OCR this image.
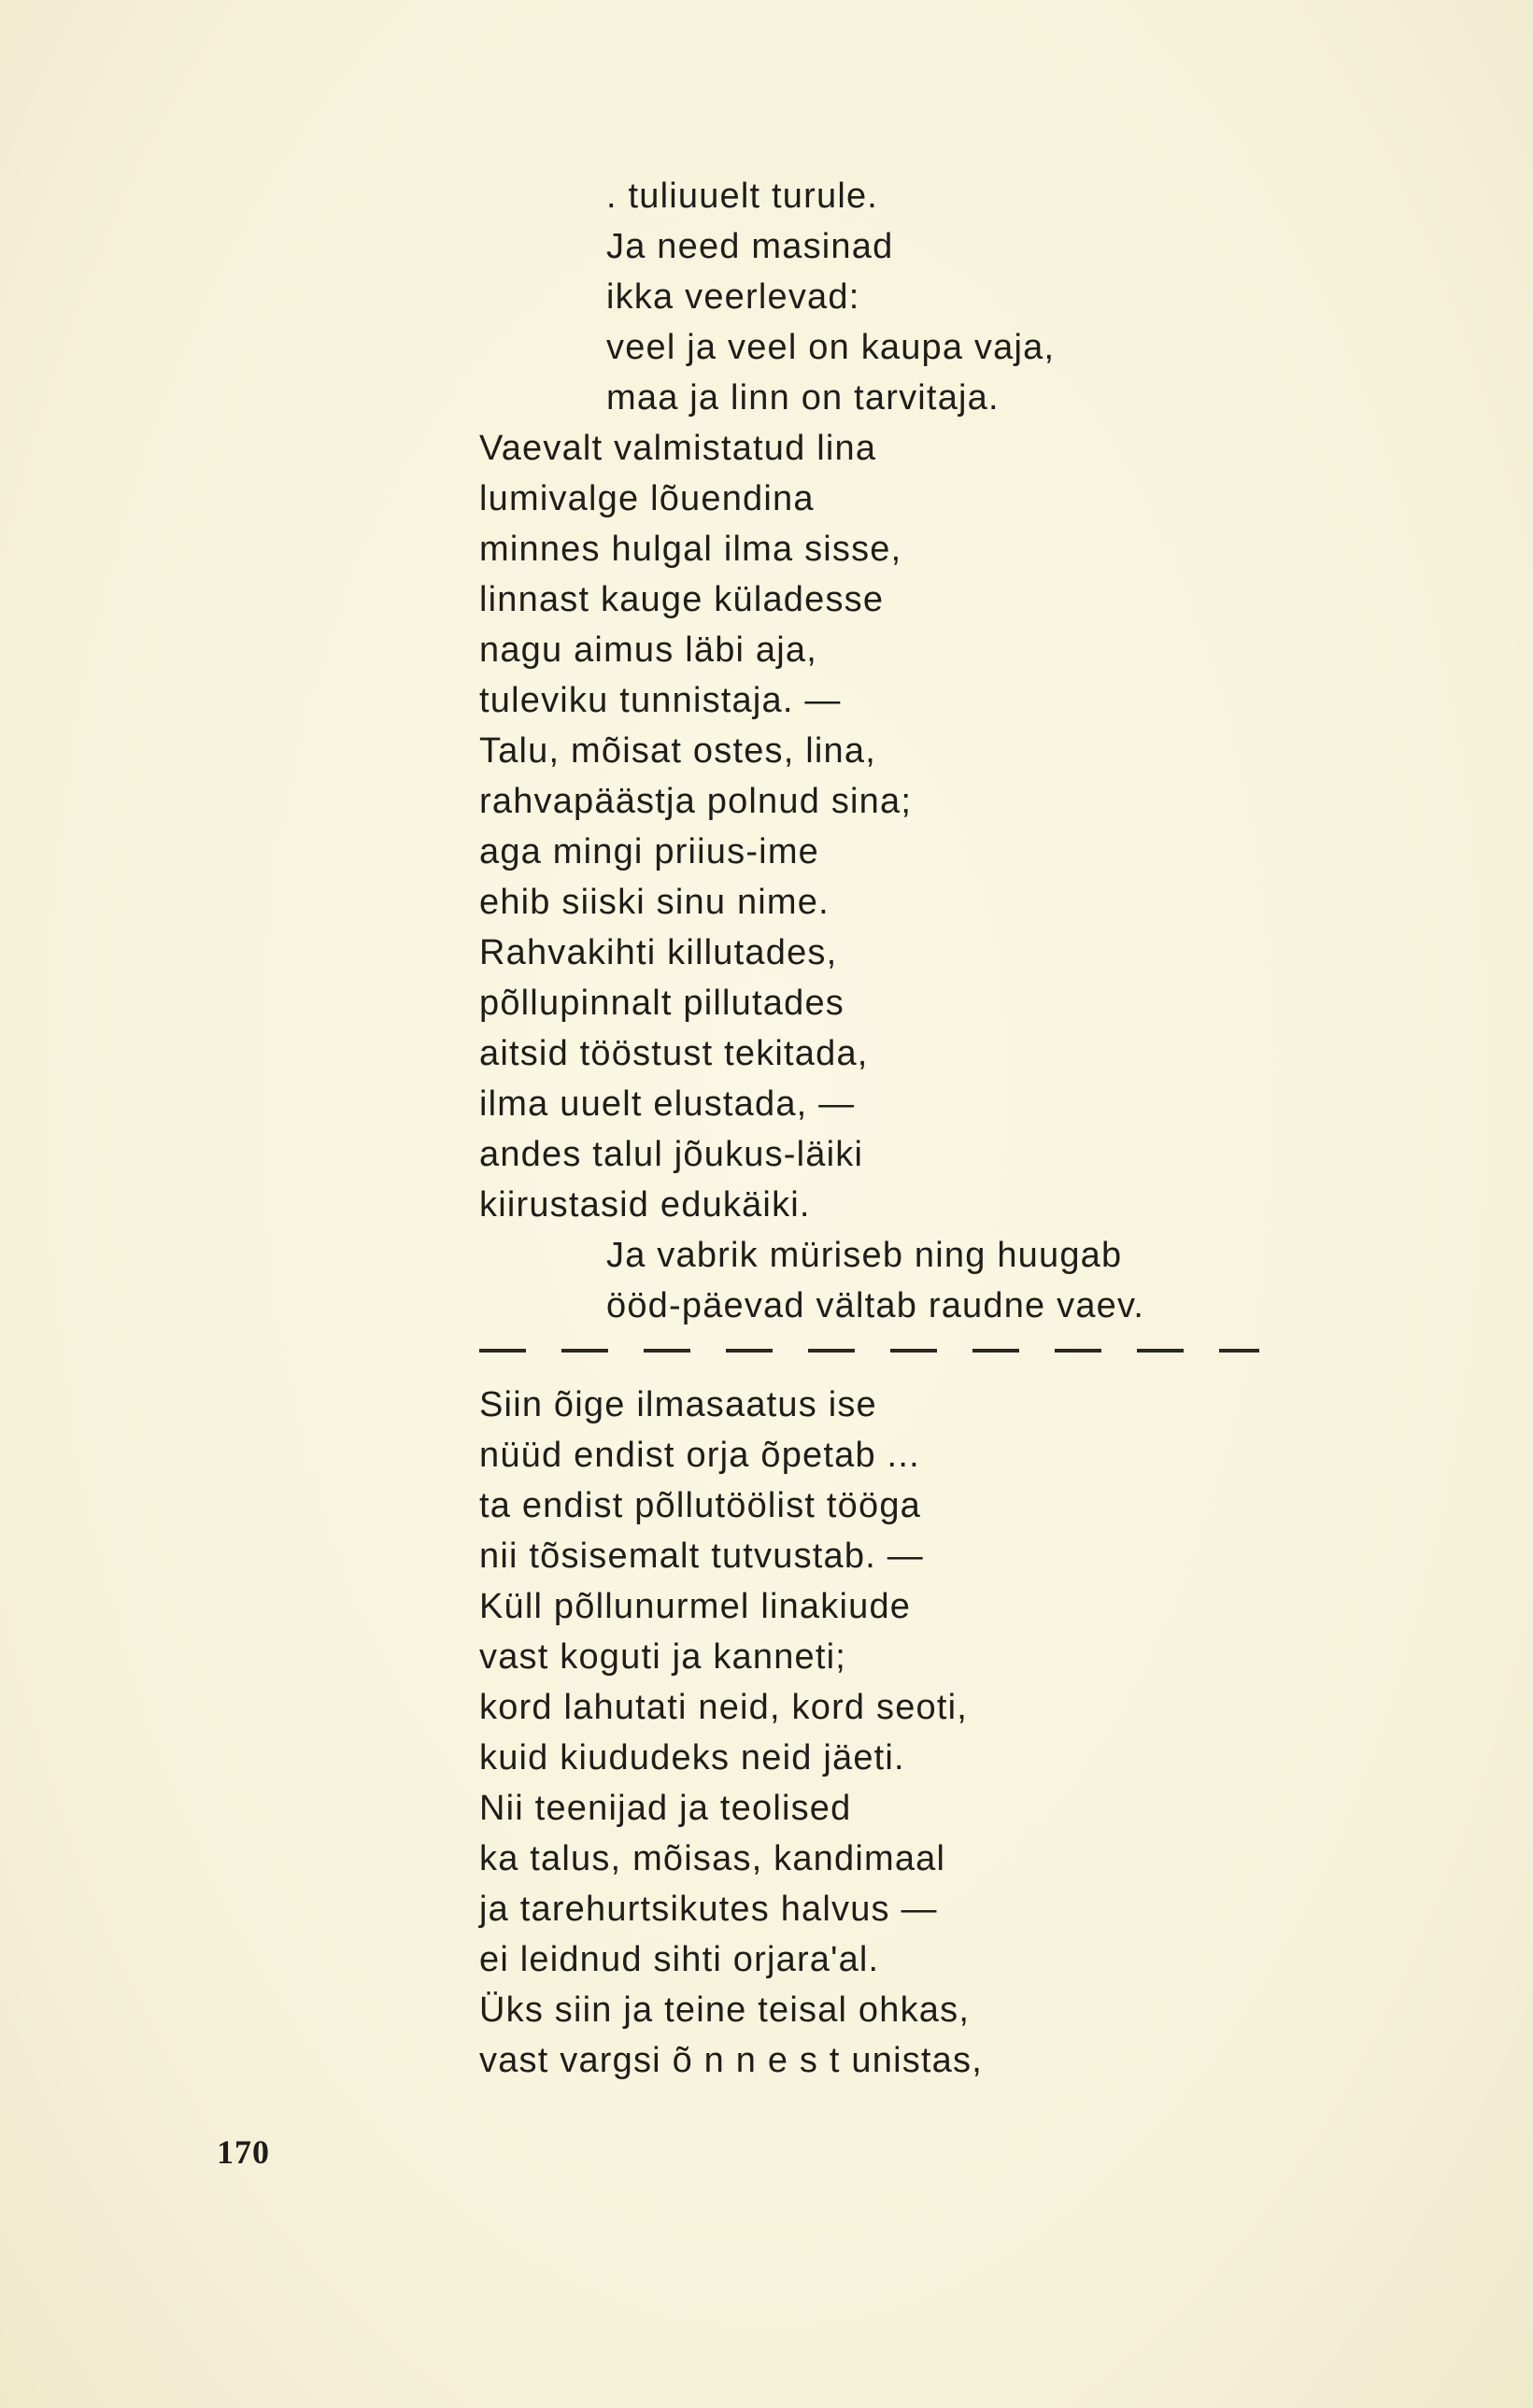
. tuliuuelt turule.
Ja need masinad
ikka veerlevad:
veel ja veel on kaupa vaja,
maa ja linn on tarvitaja.
Vaevalt valmistatud lina
lumivalge lõuendina
minnes hulgal ilma sisse,
linnast kauge küladesse
nagu aimus läbi aja,
tuleviku tunnistaja. —
Talu, mõisat ostes, lina,
rahvapäästja polnud sina;
aga mingi priius-ime
ehib siiski sinu nime.
Rahvakihti killutades,
põllupinnalt pillutades
aitsid tööstust tekitada,
ilma uuelt elustada, —
andes talul jõukus-läiki
kiirustasid edukäiki.
Ja vabrik müriseb ning huugab
ööd-päevad vältab raudne vaev.
Siin õige ilmasaatus ise
nüüd endist orja õpetab ...
ta endist põllutöölist tööga
nii tõsisemalt tutvustab. —
Küll põllunurmel linakiude
vast koguti ja kanneti;
kord lahutati neid, kord seoti,
kuid kiududeks neid jäeti.
Nii teenijad ja teolised
ka talus, mõisas, kandimaal
ja tarehurtsikutes halvus —
ei leidnud sihti orjara'al.
Üks siin ja teine teisal ohkas,
vast vargsi õ n n e s t unistas,
170
